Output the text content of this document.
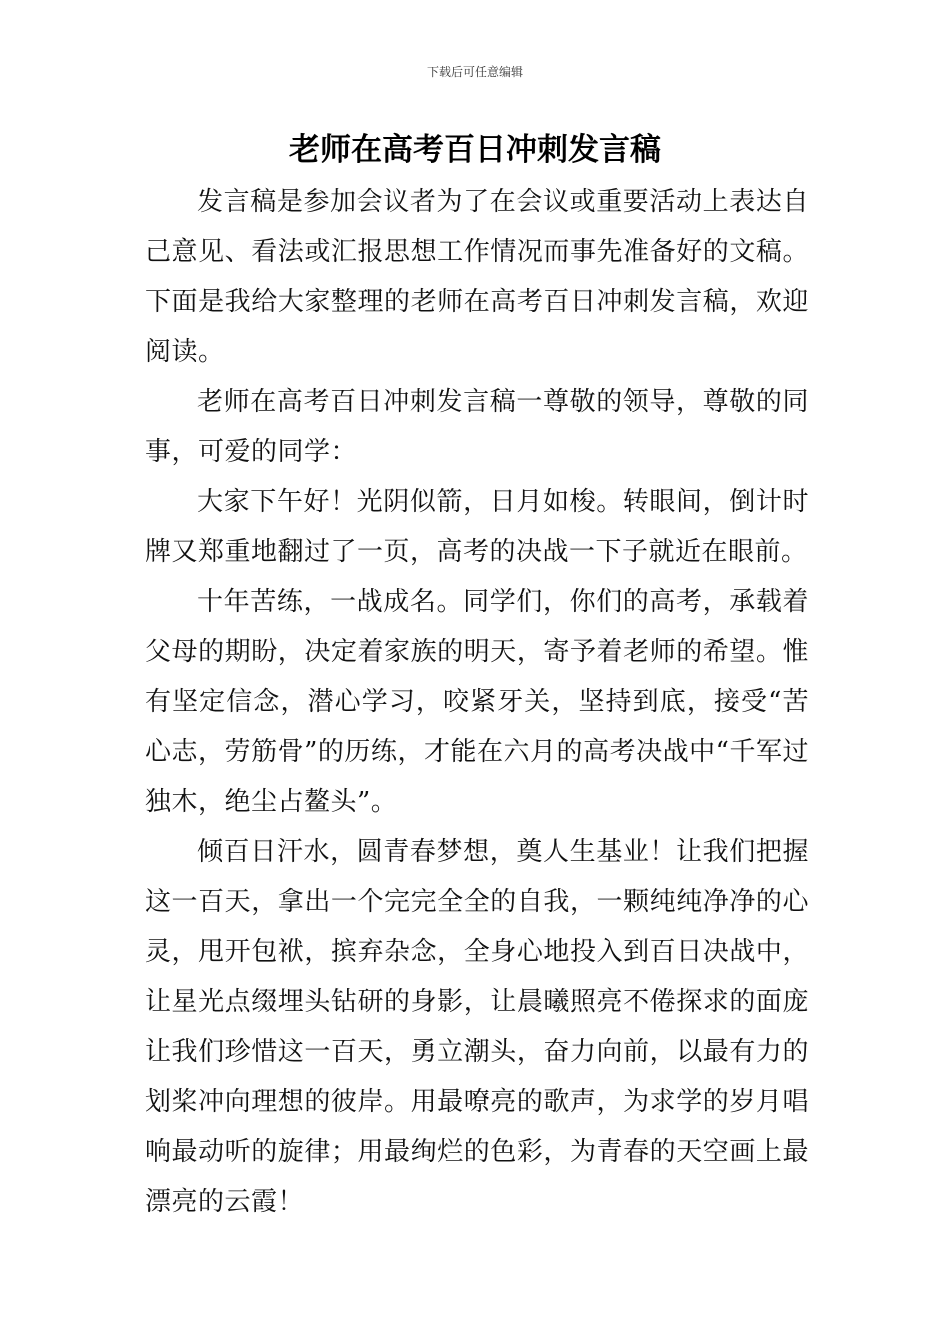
下载后可任意编辑
老师在高考百日冲刺发言稿

发言稿是参加会议者为了在会议或重要活动上表达自己意见、看法或汇报思想工作情况而事先准备好的文稿。下面是我给大家整理的老师在高考百日冲刺发言稿，欢迎阅读。

老师在高考百日冲刺发言稿一尊敬的领导，尊敬的同事，可爱的同学：

大家下午好！光阴似箭，日月如梭。转眼间，倒计时牌又郑重地翻过了一页，高考的决战一下子就近在眼前。

十年苦练，一战成名。同学们，你们的高考，承载着父母的期盼，决定着家族的明天，寄予着老师的希望。惟有坚定信念，潜心学习，咬紧牙关，坚持到底，接受“苦心志，劳筋骨”的历练，才能在六月的高考决战中“千军过独木，绝尘占鳌头”。

倾百日汗水，圆青春梦想，奠人生基业！让我们把握这一百天，拿出一个完完全全的自我，一颗纯纯净净的心灵，甩开包袱，摈弃杂念，全身心地投入到百日决战中，让星光点缀埋头钻研的身影，让晨曦照亮不倦探求的面庞让我们珍惜这一百天，勇立潮头，奋力向前，以最有力的划桨冲向理想的彼岸。用最嘹亮的歌声，为求学的岁月唱响最动听的旋律；用最绚烂的色彩，为青春的天空画上最漂亮的云霞！
